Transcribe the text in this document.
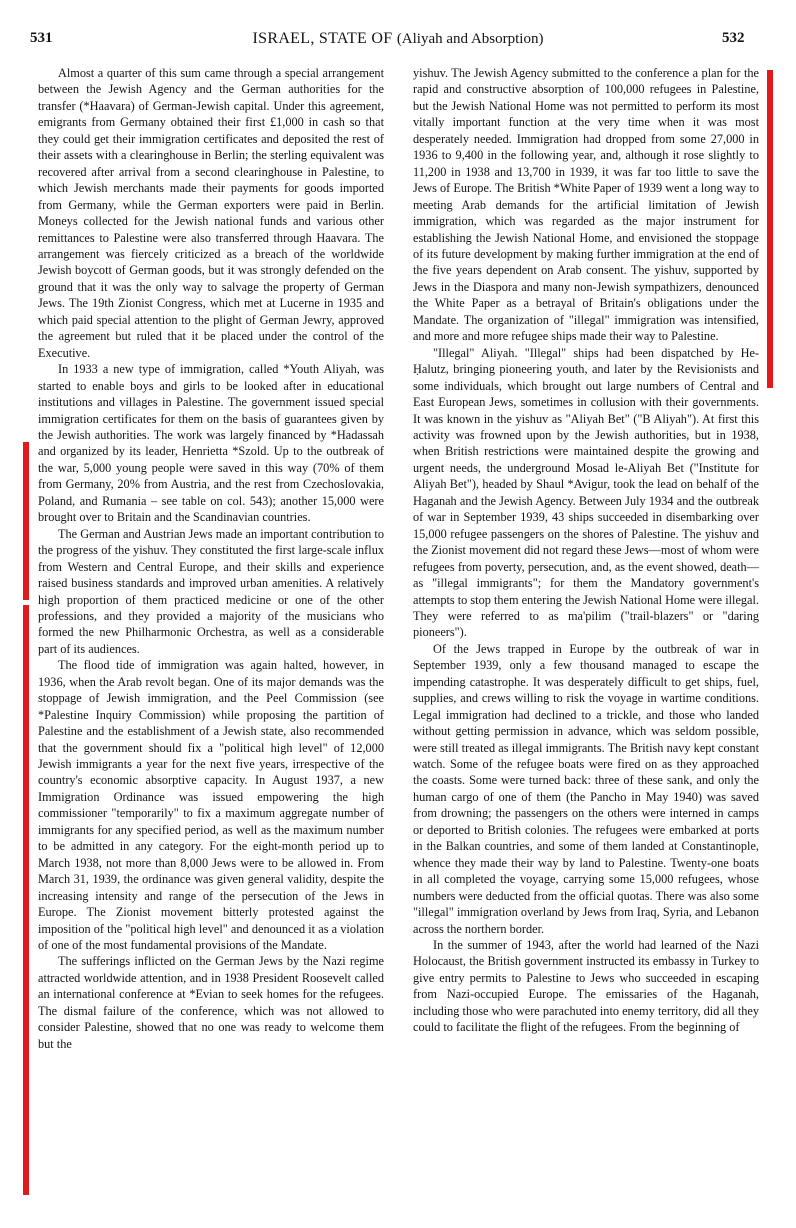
531	ISRAEL, STATE OF (Aliyah and Absorption)	532

Almost a quarter of this sum came through a special arrangement between the Jewish Agency and the German authorities for the transfer (*Haavara) of German-Jewish capital. Under this agreement, emigrants from Germany obtained their first £1,000 in cash so that they could get their immigration certificates and deposited the rest of their assets with a clearinghouse in Berlin; the sterling equivalent was recovered after arrival from a second clearinghouse in Palestine, to which Jewish merchants made their payments for goods imported from Germany, while the German exporters were paid in Berlin. Moneys collected for the Jewish national funds and various other remittances to Palestine were also transferred through Haavara. The arrangement was fiercely criticized as a breach of the worldwide Jewish boycott of German goods, but it was strongly defended on the ground that it was the only way to salvage the property of German Jews. The 19th Zionist Congress, which met at Lucerne in 1935 and which paid special attention to the plight of German Jewry, approved the agreement but ruled that it be placed under the control of the Executive.

In 1933 a new type of immigration, called *Youth Aliyah, was started to enable boys and girls to be looked after in educational institutions and villages in Palestine. The government issued special immigration certificates for them on the basis of guarantees given by the Jewish authorities. The work was largely financed by *Hadassah and organized by its leader, Henrietta *Szold. Up to the outbreak of the war, 5,000 young people were saved in this way (70% of them from Germany, 20% from Austria, and the rest from Czechoslovakia, Poland, and Rumania – see table on col. 543); another 15,000 were brought over to Britain and the Scandinavian countries.

The German and Austrian Jews made an important contribution to the progress of the yishuv. They constituted the first large-scale influx from Western and Central Europe, and their skills and experience raised business standards and improved urban amenities. A relatively high proportion of them practiced medicine or one of the other professions, and they provided a majority of the musicians who formed the new Philharmonic Orchestra, as well as a considerable part of its audiences.

The flood tide of immigration was again halted, however, in 1936, when the Arab revolt began. One of its major demands was the stoppage of Jewish immigration, and the Peel Commission (see *Palestine Inquiry Commission) while proposing the partition of Palestine and the establishment of a Jewish state, also recommended that the government should fix a "political high level" of 12,000 Jewish immigrants a year for the next five years, irrespective of the country's economic absorptive capacity. In August 1937, a new Immigration Ordinance was issued empowering the high commissioner "temporarily" to fix a maximum aggregate number of immigrants for any specified period, as well as the maximum number to be admitted in any category. For the eight-month period up to March 1938, not more than 8,000 Jews were to be allowed in. From March 31, 1939, the ordinance was given general validity, despite the increasing intensity and range of the persecution of the Jews in Europe. The Zionist movement bitterly protested against the imposition of the "political high level" and denounced it as a violation of one of the most fundamental provisions of the Mandate.

The sufferings inflicted on the German Jews by the Nazi regime attracted worldwide attention, and in 1938 President Roosevelt called an international conference at *Evian to seek homes for the refugees. The dismal failure of the conference, which was not allowed to consider Palestine, showed that no one was ready to welcome them but the

yishuv. The Jewish Agency submitted to the conference a plan for the rapid and constructive absorption of 100,000 refugees in Palestine, but the Jewish National Home was not permitted to perform its most vitally important function at the very time when it was most desperately needed. Immigration had dropped from some 27,000 in 1936 to 9,400 in the following year, and, although it rose slightly to 11,200 in 1938 and 13,700 in 1939, it was far too little to save the Jews of Europe. The British *White Paper of 1939 went a long way to meeting Arab demands for the artificial limitation of Jewish immigration, which was regarded as the major instrument for establishing the Jewish National Home, and envisioned the stoppage of its future development by making further immigration at the end of the five years dependent on Arab consent. The yishuv, supported by Jews in the Diaspora and many non-Jewish sympathizers, denounced the White Paper as a betrayal of Britain's obligations under the Mandate. The organization of "illegal" immigration was intensified, and more and more refugee ships made their way to Palestine.

"Illegal" Aliyah. "Illegal" ships had been dispatched by He-Ḥalutz, bringing pioneering youth, and later by the Revisionists and some individuals, which brought out large numbers of Central and East European Jews, sometimes in collusion with their governments. It was known in the yishuv as "Aliyah Bet" ("B Aliyah"). At first this activity was frowned upon by the Jewish authorities, but in 1938, when British restrictions were maintained despite the growing and urgent needs, the underground Mosad le-Aliyah Bet ("Institute for Aliyah Bet"), headed by Shaul *Avigur, took the lead on behalf of the Haganah and the Jewish Agency. Between July 1934 and the outbreak of war in September 1939, 43 ships succeeded in disembarking over 15,000 refugee passengers on the shores of Palestine. The yishuv and the Zionist movement did not regard these Jews—most of whom were refugees from poverty, persecution, and, as the event showed, death—as "illegal immigrants"; for them the Mandatory government's attempts to stop them entering the Jewish National Home were illegal. They were referred to as ma'pilim ("trail-blazers" or "daring pioneers").

Of the Jews trapped in Europe by the outbreak of war in September 1939, only a few thousand managed to escape the impending catastrophe. It was desperately difficult to get ships, fuel, supplies, and crews willing to risk the voyage in wartime conditions. Legal immigration had declined to a trickle, and those who landed without getting permission in advance, which was seldom possible, were still treated as illegal immigrants. The British navy kept constant watch. Some of the refugee boats were fired on as they approached the coasts. Some were turned back: three of these sank, and only the human cargo of one of them (the Pancho in May 1940) was saved from drowning; the passengers on the others were interned in camps or deported to British colonies. The refugees were embarked at ports in the Balkan countries, and some of them landed at Constantinople, whence they made their way by land to Palestine. Twenty-one boats in all completed the voyage, carrying some 15,000 refugees, whose numbers were deducted from the official quotas. There was also some "illegal" immigration overland by Jews from Iraq, Syria, and Lebanon across the northern border.

In the summer of 1943, after the world had learned of the Nazi Holocaust, the British government instructed its embassy in Turkey to give entry permits to Palestine to Jews who succeeded in escaping from Nazi-occupied Europe. The emissaries of the Haganah, including those who were parachuted into enemy territory, did all they could to facilitate the flight of the refugees. From the beginning of
